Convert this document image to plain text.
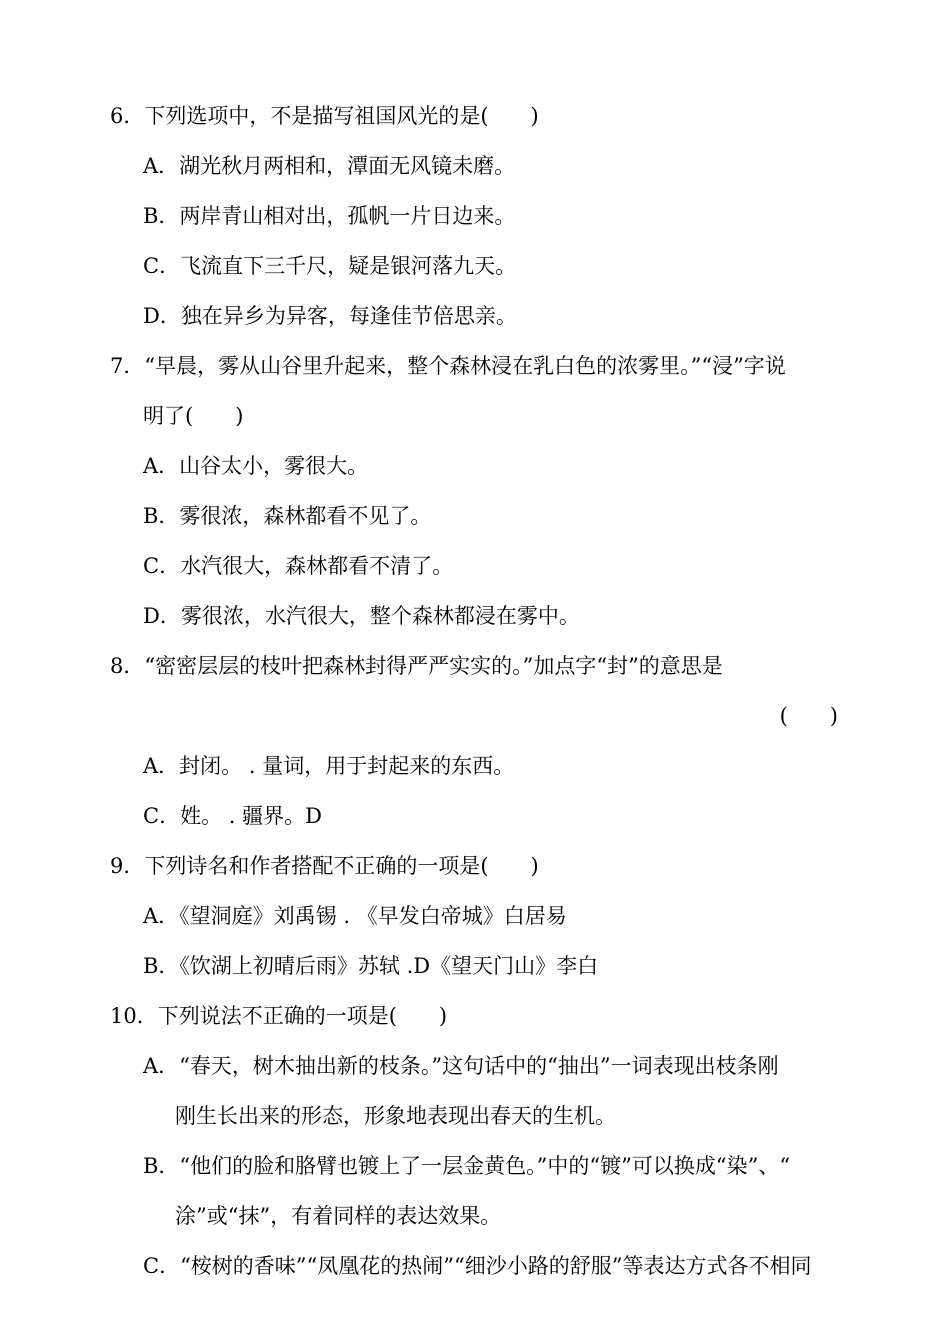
6．下列选项中，不是描写祖国风光的是(　　)
A．湖光秋月两相和，潭面无风镜未磨。
B．两岸青山相对出，孤帆一片日边来。
C．飞流直下三千尺，疑是银河落九天。
D．独在异乡为异客，每逢佳节倍思亲。
7．“早晨，雾从山谷里升起来，整个森林浸在乳白色的浓雾里。”“浸”字说
明了(　　)
A．山谷太小，雾很大。
B．雾很浓，森林都看不见了。
C．水汽很大，森林都看不清了。
D．雾很浓，水汽很大，整个森林都浸在雾中。
8．“密密层层的枝叶把森林封得严严实实的。”加点字“封”的意思是
(　　)
A．封闭。 . 量词，用于封起来的东西。
C．姓。 . 疆界。D
9．下列诗名和作者搭配不正确的一项是(　　)
A．《望洞庭》刘禹锡 . 《早发白帝城》白居易
B．《饮湖上初晴后雨》苏轼 .D《望天门山》李白
10．下列说法不正确的一项是(　　)
A．“春天，树木抽出新的枝条。”这句话中的“抽出”一词表现出枝条刚
刚生长出来的形态，形象地表现出春天的生机。
B．“他们的脸和胳臂也镀上了一层金黄色。”中的“镀”可以换成“染”、“
涂”或“抹”，有着同样的表达效果。
C．“桉树的香味”“凤凰花的热闹”“细沙小路的舒服”等表达方式各不相同
